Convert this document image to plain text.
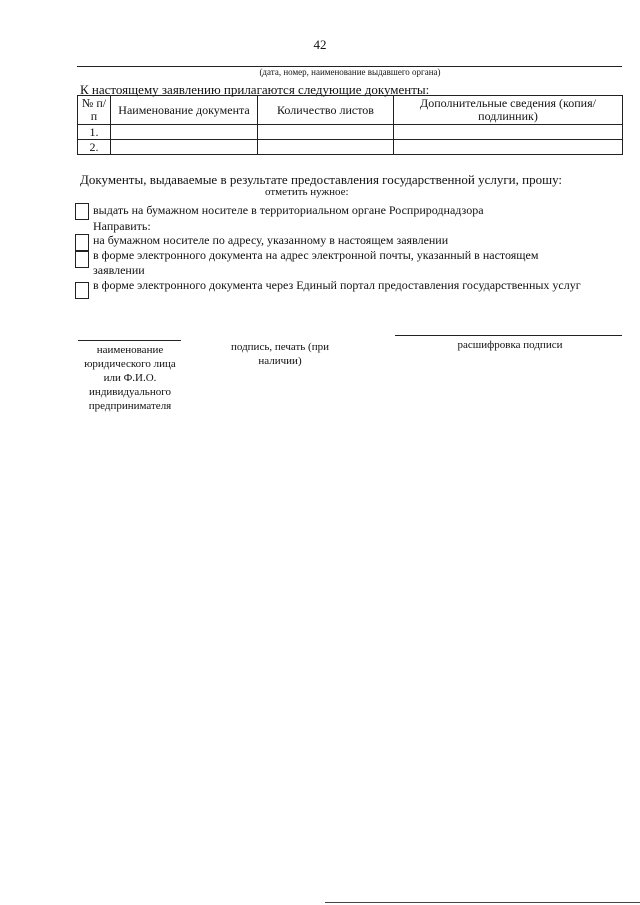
42
(дата, номер, наименование выдавшего органа)
К настоящему заявлению прилагаются следующие документы:
№ п/п	Наименование документа	Количество листов	Дополнительные сведения (копия/подлинник)
1.			
2.			
Документы, выдаваемые в результате предоставления государственной услуги, прошу:
отметить нужное:
выдать на бумажном носителе в территориальном органе Росприроднадзора
Направить:
на бумажном носителе по адресу, указанному в настоящем заявлении
в форме электронного документа на адрес электронной почты, указанный в настоящем заявлении
в форме электронного документа через Единый портал предоставления государственных услуг
наименование юридического лица или Ф.И.О. индивидуального предпринимателя
подпись, печать (при наличии)
расшифровка подписи
